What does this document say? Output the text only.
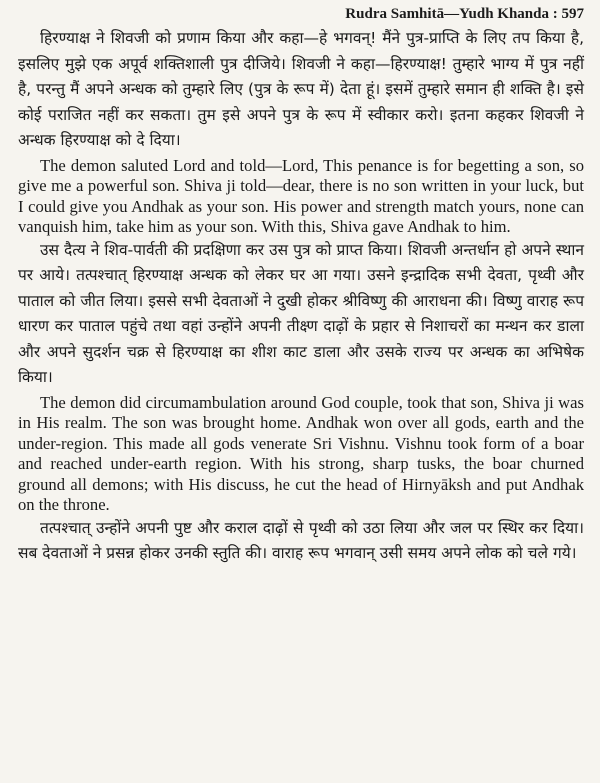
Rudra Samhitā—Yudh Khanda : 597

हिरण्याक्ष ने शिवजी को प्रणाम किया और कहा—हे भगवन्! मैंने पुत्र-प्राप्ति के लिए तप किया है, इसलिए मुझे एक अपूर्व शक्तिशाली पुत्र दीजिये। शिवजी ने कहा—हिरण्याक्ष! तुम्हारे भाग्य में पुत्र नहीं है, परन्तु मैं अपने अन्धक को तुम्हारे लिए (पुत्र के रूप में) देता हूं। इसमें तुम्हारे समान ही शक्ति है। इसे कोई पराजित नहीं कर सकता। तुम इसे अपने पुत्र के रूप में स्वीकार करो। इतना कहकर शिवजी ने अन्धक हिरण्याक्ष को दे दिया।

The demon saluted Lord and told—Lord, This penance is for begetting a son, so give me a powerful son. Shiva ji told—dear, there is no son written in your luck, but I could give you Andhak as your son. His power and strength match yours, none can vanquish him, take him as your son. With this, Shiva gave Andhak to him.

उस दैत्य ने शिव-पार्वती की प्रदक्षिणा कर उस पुत्र को प्राप्त किया। शिवजी अन्तर्धान हो अपने स्थान पर आये। तत्पश्चात् हिरण्याक्ष अन्धक को लेकर घर आ गया। उसने इन्द्रादिक सभी देवता, पृथ्वी और पाताल को जीत लिया। इससे सभी देवताओं ने दुखी होकर श्रीविष्णु की आराधना की। विष्णु वाराह रूप धारण कर पाताल पहुंचे तथा वहां उन्होंने अपनी तीक्ष्ण दाढ़ों के प्रहार से निशाचरों का मन्थन कर डाला और अपने सुदर्शन चक्र से हिरण्याक्ष का शीश काट डाला और उसके राज्य पर अन्धक का अभिषेक किया।

The demon did circumambulation around God couple, took that son, Shiva ji was in His realm. The son was brought home. Andhak won over all gods, earth and the under-region. This made all gods venerate Sri Vishnu. Vishnu took form of a boar and reached under-earth region. With his strong, sharp tusks, the boar churned ground all demons; with His discuss, he cut the head of Hirnyāksh and put Andhak on the throne.

तत्पश्चात् उन्होंने अपनी पुष्ट और कराल दाढ़ों से पृथ्वी को उठा लिया और जल पर स्थिर कर दिया। सब देवताओं ने प्रसन्न होकर उनकी स्तुति की। वाराह रूप भगवान् उसी समय अपने लोक को चले गये।
